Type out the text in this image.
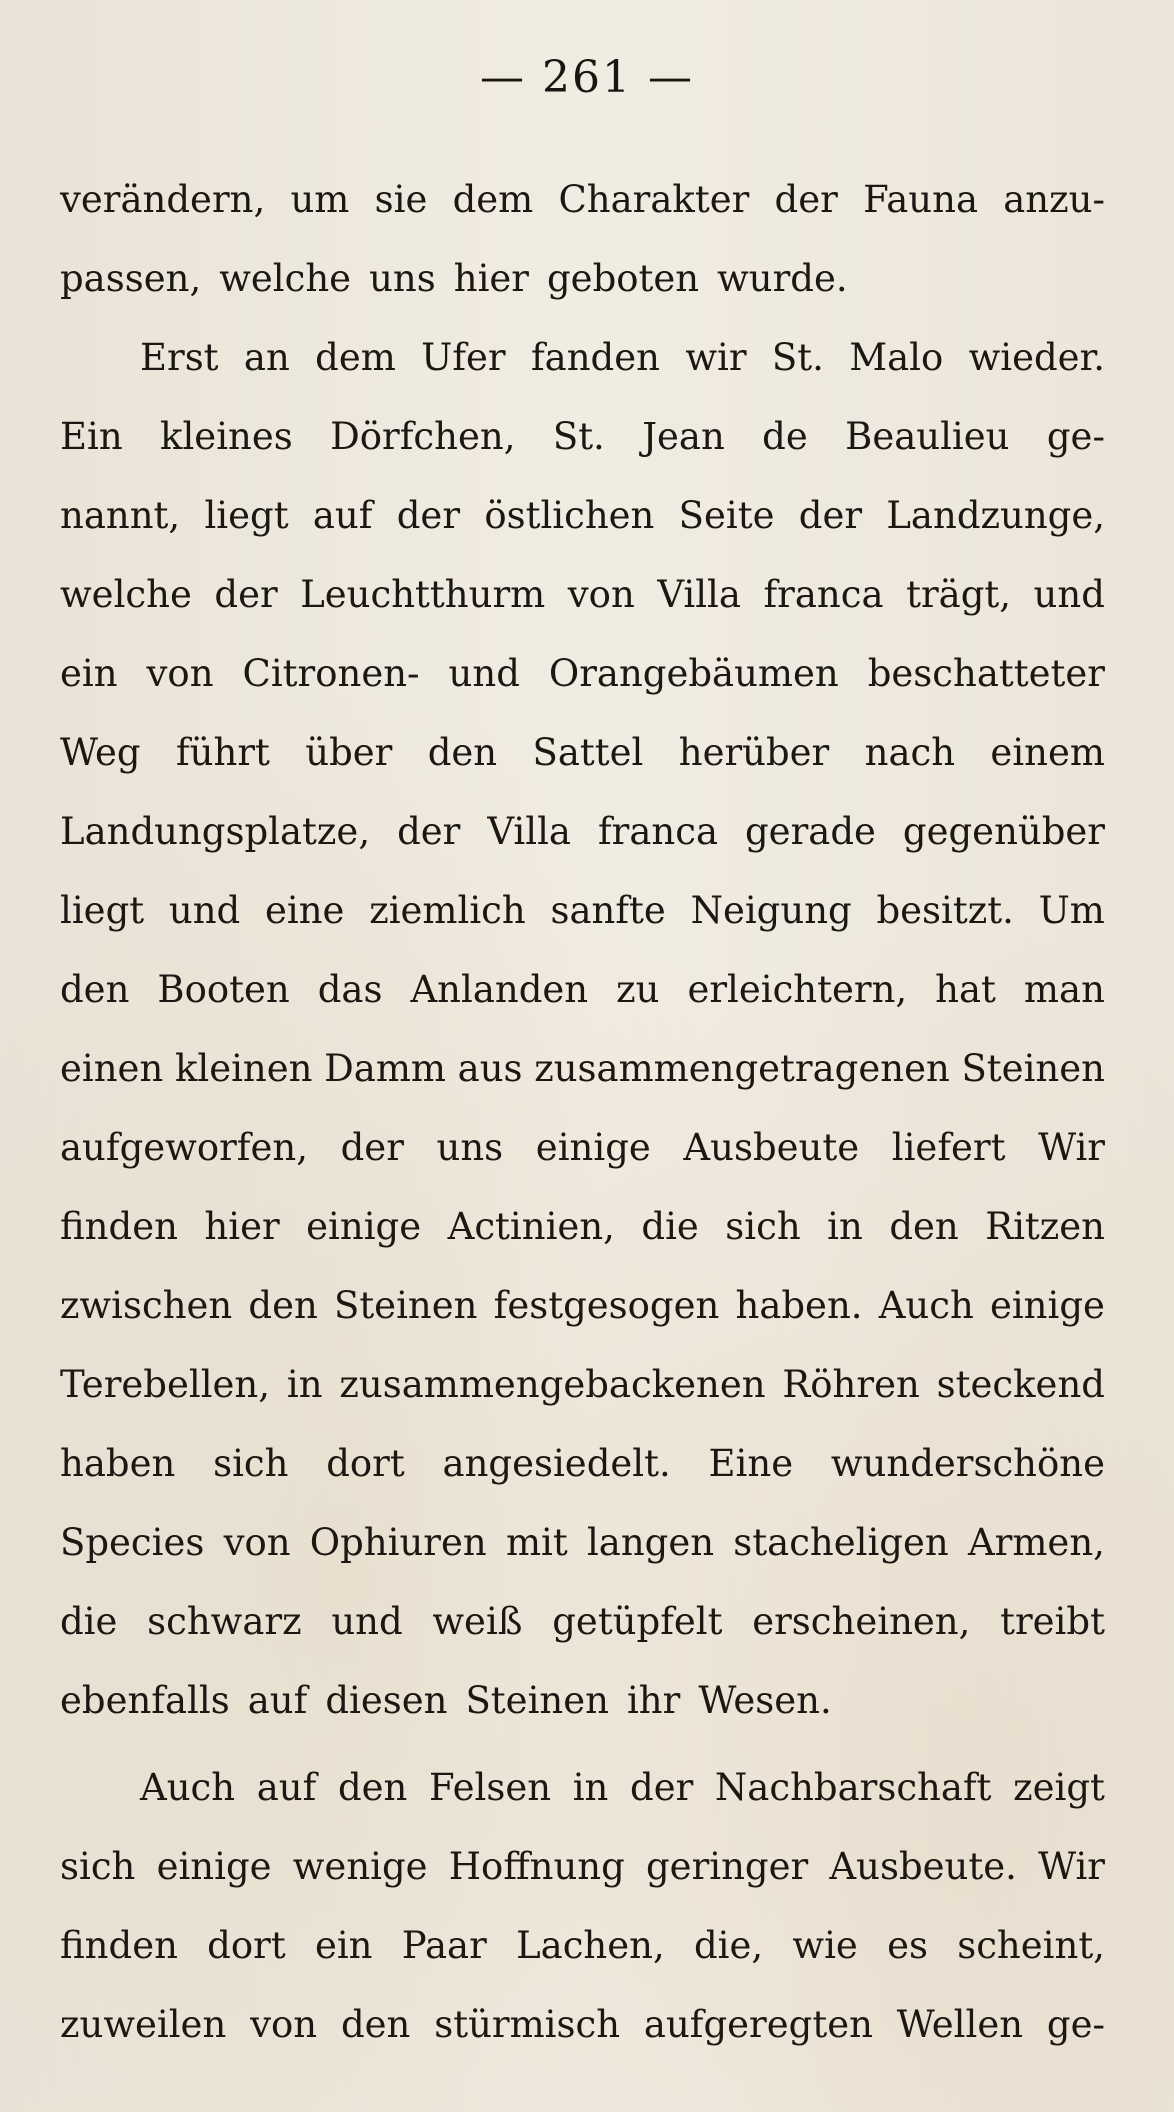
— 261 —
verändern, um sie dem Charakter der Fauna anzu-
passen, welche uns hier geboten wurde.
Erst an dem Ufer fanden wir St. Malo wieder.
Ein kleines Dörfchen, St. Jean de Beaulieu ge-
nannt, liegt auf der östlichen Seite der Landzunge,
welche der Leuchtthurm von Villa franca trägt, und
ein von Citronen- und Orangebäumen beschatteter
Weg führt über den Sattel herüber nach einem
Landungsplatze, der Villa franca gerade gegenüber
liegt und eine ziemlich sanfte Neigung besitzt. Um
den Booten das Anlanden zu erleichtern, hat man
einen kleinen Damm aus zusammengetragenen Steinen
aufgeworfen, der uns einige Ausbeute liefert Wir
finden hier einige Actinien, die sich in den Ritzen
zwischen den Steinen festgesogen haben. Auch einige
Terebellen, in zusammengebackenen Röhren steckend
haben sich dort angesiedelt. Eine wunderschöne
Species von Ophiuren mit langen stacheligen Armen,
die schwarz und weiß getüpfelt erscheinen, treibt
ebenfalls auf diesen Steinen ihr Wesen.
Auch auf den Felsen in der Nachbarschaft zeigt
sich einige wenige Hoffnung geringer Ausbeute. Wir
finden dort ein Paar Lachen, die, wie es scheint,
zuweilen von den stürmisch aufgeregten Wellen ge-
